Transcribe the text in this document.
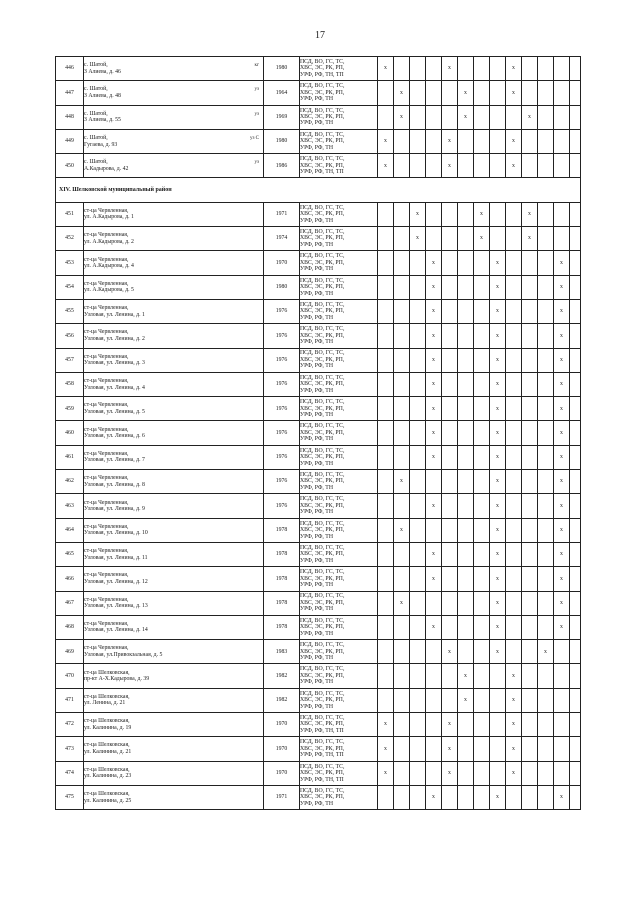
17
446	с. Шатой,
З Алиева, д. 46
кг	1980	ПСД, ВО, ГС, ТС,
ХВС, ЭС, РК, РП,
УРФ, РФ, ТН, ТП	x				x				x				
447	с. Шатой,
З Алиева, д. 48
уз	1964	ПСД, ВО, ГС, ТС,
ХВС, ЭС, РК, РП,
УРФ, РФ, ТН		x				x			x				
448	с. Шатой,
З Алиева, д. 55
уз	1969	ПСД, ВО, ГС, ТС,
ХВС, ЭС, РК, РП,
УРФ, РФ, ТН		x				x				x			
449	с. Шатой,
Гугаева, д. 93
уз С	1980	ПСД, ВО, ГС, ТС,
ХВС, ЭС, РК, РП,
УРФ, РФ, ТН	x				x				x				
450	с. Шатой,
А.Кадырова, д. 42
уз	1986	ПСД, ВО, ГС, ТС,
ХВС, ЭС, РК, РП,
УРФ, РФ, ТН, ТП	x				x				x				
XIV. Шелковской муниципальный район																
451	ст-ца Червленная,
ул. А.Кадырова, д. 1	1971	ПСД, ВО, ГС, ТС,
ХВС, ЭС, РК, РП,
УРФ, РФ, ТН			x				x			x			
452	ст-ца Червленная,
ул. А.Кадырова, д. 2	1974	ПСД, ВО, ГС, ТС,
ХВС, ЭС, РК, РП,
УРФ, РФ, ТН			x				x			x			
453	ст-ца Червленная,
ул. А.Кадырова, д. 4	1970	ПСД, ВО, ГС, ТС,
ХВС, ЭС, РК, РП,
УРФ, РФ, ТН				x				x				x	
454	ст-ца Червленная,
ул. А.Кадырова, д. 5	1980	ПСД, ВО, ГС, ТС,
ХВС, ЭС, РК, РП,
УРФ, РФ, ТН				x				x				x	
455	ст-ца Червленная,
Узловая, ул. Ленина, д. 1	1976	ПСД, ВО, ГС, ТС,
ХВС, ЭС, РК, РП,
УРФ, РФ, ТН				x				x				x	
456	ст-ца Червленная,
Узловая, ул. Ленина, д. 2	1976	ПСД, ВО, ГС, ТС,
ХВС, ЭС, РК, РП,
УРФ, РФ, ТН				x				x				x	
457	ст-ца Червленная,
Узловая, ул. Ленина, д. 3	1976	ПСД, ВО, ГС, ТС,
ХВС, ЭС, РК, РП,
УРФ, РФ, ТН				x				x				x	
458	ст-ца Червленная,
Узловая, ул. Ленина, д. 4	1976	ПСД, ВО, ГС, ТС,
ХВС, ЭС, РК, РП,
УРФ, РФ, ТН				x				x				x	
459	ст-ца Червленная,
Узловая, ул. Ленина, д. 5	1976	ПСД, ВО, ГС, ТС,
ХВС, ЭС, РК, РП,
УРФ, РФ, ТН				x				x				x	
460	ст-ца Червленная,
Узловая, ул. Ленина, д. 6	1976	ПСД, ВО, ГС, ТС,
ХВС, ЭС, РК, РП,
УРФ, РФ, ТН				x				x				x	
461	ст-ца Червленная,
Узловая, ул. Ленина, д. 7	1976	ПСД, ВО, ГС, ТС,
ХВС, ЭС, РК, РП,
УРФ, РФ, ТН				x				x				x	
462	ст-ца Червленная,
Узловая, ул. Ленина, д. 8	1976	ПСД, ВО, ГС, ТС,
ХВС, ЭС, РК, РП,
УРФ, РФ, ТН		x						x				x	
463	ст-ца Червленная,
Узловая, ул. Ленина, д. 9	1976	ПСД, ВО, ГС, ТС,
ХВС, ЭС, РК, РП,
УРФ, РФ, ТН				x				x				x	
464	ст-ца Червленная,
Узловая, ул. Ленина, д. 10	1978	ПСД, ВО, ГС, ТС,
ХВС, ЭС, РК, РП,
УРФ, РФ, ТН		x						x				x	
465	ст-ца Червленная,
Узловая, ул. Ленина, д. 11	1978	ПСД, ВО, ГС, ТС,
ХВС, ЭС, РК, РП,
УРФ, РФ, ТН				x				x				x	
466	ст-ца Червленная,
Узловая, ул. Ленина, д. 12	1978	ПСД, ВО, ГС, ТС,
ХВС, ЭС, РК, РП,
УРФ, РФ, ТН				x				x				x	
467	ст-ца Червленная,
Узловая, ул. Ленина, д. 13	1978	ПСД, ВО, ГС, ТС,
ХВС, ЭС, РК, РП,
УРФ, РФ, ТН		x						x				x	
468	ст-ца Червленная,
Узловая, ул. Ленина, д. 14	1978	ПСД, ВО, ГС, ТС,
ХВС, ЭС, РК, РП,
УРФ, РФ, ТН				x				x				x	
469	ст-ца Червленная,
Узловая, ул.Привокзальная, д. 5	1983	ПСД, ВО, ГС, ТС,
ХВС, ЭС, РК, РП,
УРФ, РФ, ТН					x			x			x		
470	ст-ца Шелковская,
пр-кт А-Х.Кадырова, д. 39	1982	ПСД, ВО, ГС, ТС,
ХВС, ЭС, РК, РП,
УРФ, РФ, ТН						x			x				
471	ст-ца Шелковская,
ул. Ленина, д. 21	1982	ПСД, ВО, ГС, ТС,
ХВС, ЭС, РК, РП,
УРФ, РФ, ТН						x			x				
472	ст-ца Шелковская,
ул. Калинина, д. 19	1970	ПСД, ВО, ГС, ТС,
ХВС, ЭС, РК, РП,
УРФ, РФ, ТН, ТП	x				x				x				
473	ст-ца Шелковская,
ул. Калинина, д. 21	1970	ПСД, ВО, ГС, ТС,
ХВС, ЭС, РК, РП,
УРФ, РФ, ТН, ТП	x				x				x				
474	ст-ца Шелковская,
ул. Калинина, д. 23	1970	ПСД, ВО, ГС, ТС,
ХВС, ЭС, РК, РП,
УРФ, РФ, ТН, ТП	x				x				x				
475	ст-ца Шелковская,
ул. Калинина, д. 25	1971	ПСД, ВО, ГС, ТС,
ХВС, ЭС, РК, РП,
УРФ, РФ, ТН				x				x				x	
